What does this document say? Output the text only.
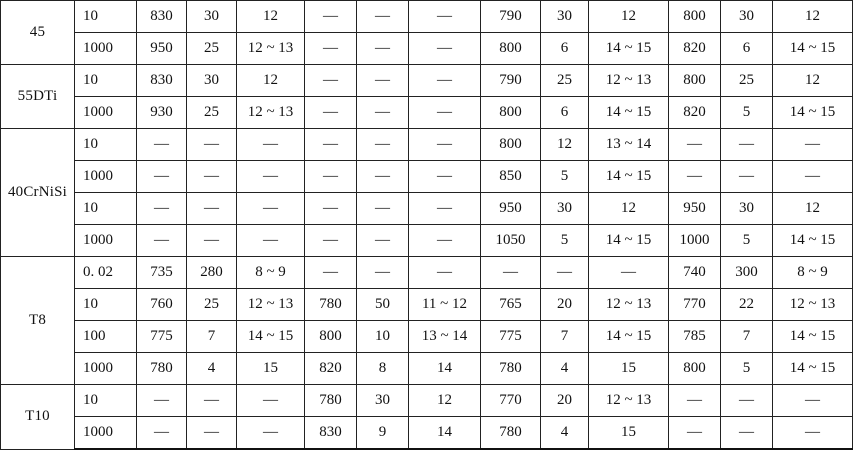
45	10	830	30	12	—	—	—	790	30	12	800	30	12
	1000	950	25	12 ~ 13	—	—	—	800	6	14 ~ 15	820	6	14 ~ 15
55DTi	10	830	30	12	—	—	—	790	25	12 ~ 13	800	25	12
	1000	930	25	12 ~ 13	—	—	—	800	6	14 ~ 15	820	5	14 ~ 15
40CrNiSi	10	—	—	—	—	—	—	800	12	13 ~ 14	—	—	—
	1000	—	—	—	—	—	—	850	5	14 ~ 15	—	—	—
	10	—	—	—	—	—	—	950	30	12	950	30	12
	1000	—	—	—	—	—	—	1050	5	14 ~ 15	1000	5	14 ~ 15
T8	0. 02	735	280	8 ~ 9	—	—	—	—	—	—	740	300	8 ~ 9
	10	760	25	12 ~ 13	780	50	11 ~ 12	765	20	12 ~ 13	770	22	12 ~ 13
	100	775	7	14 ~ 15	800	10	13 ~ 14	775	7	14 ~ 15	785	7	14 ~ 15
	1000	780	4	15	820	8	14	780	4	15	800	5	14 ~ 15
T10	10	—	—	—	780	30	12	770	20	12 ~ 13	—	—	—
	1000	—	—	—	830	9	14	780	4	15	—	—	—
